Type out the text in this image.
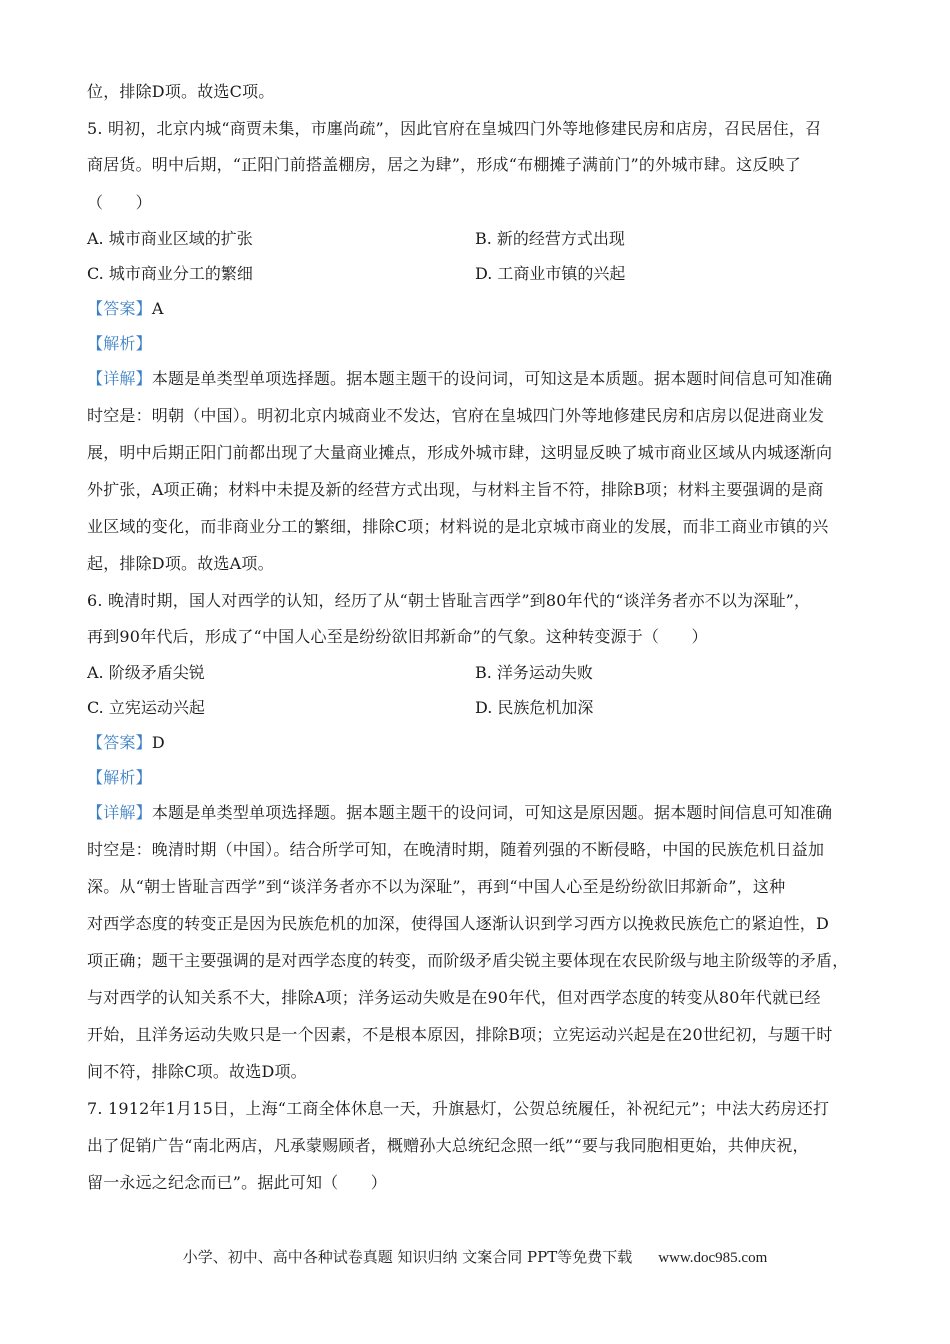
位，排除D项。故选C项。
5. 明初，北京内城“商贾未集，市廛尚疏”，因此官府在皇城四门外等地修建民房和店房，召民居住，召
商居货。明中后期，“正阳门前搭盖棚房，居之为肆”，形成“布棚摊子满前门”的外城市肆。这反映了
（　　）
A. 城市商业区域的扩张	B. 新的经营方式出现
C. 城市商业分工的繁细	D. 工商业市镇的兴起
【答案】A
【解析】
【详解】本题是单类型单项选择题。据本题主题干的设问词，可知这是本质题。据本题时间信息可知准确
时空是：明朝（中国）。明初北京内城商业不发达，官府在皇城四门外等地修建民房和店房以促进商业发
展，明中后期正阳门前都出现了大量商业摊点，形成外城市肆，这明显反映了城市商业区域从内城逐渐向
外扩张，A项正确；材料中未提及新的经营方式出现，与材料主旨不符，排除B项；材料主要强调的是商
业区域的变化，而非商业分工的繁细，排除C项；材料说的是北京城市商业的发展，而非工商业市镇的兴
起，排除D项。故选A项。
6. 晚清时期，国人对西学的认知，经历了从“朝士皆耻言西学”到80年代的“谈洋务者亦不以为深耻”，
再到90年代后，形成了“中国人心至是纷纷欲旧邦新命”的气象。这种转变源于（　　）
A. 阶级矛盾尖锐	B. 洋务运动失败
C. 立宪运动兴起	D. 民族危机加深
【答案】D
【解析】
【详解】本题是单类型单项选择题。据本题主题干的设问词，可知这是原因题。据本题时间信息可知准确
时空是：晚清时期（中国）。结合所学可知，在晚清时期，随着列强的不断侵略，中国的民族危机日益加
深。从“朝士皆耻言西学”到“谈洋务者亦不以为深耻”，再到“中国人心至是纷纷欲旧邦新命”，这种
对西学态度的转变正是因为民族危机的加深，使得国人逐渐认识到学习西方以挽救民族危亡的紧迫性，D
项正确；题干主要强调的是对西学态度的转变，而阶级矛盾尖锐主要体现在农民阶级与地主阶级等的矛盾，
与对西学的认知关系不大，排除A项；洋务运动失败是在90年代，但对西学态度的转变从80年代就已经
开始，且洋务运动失败只是一个因素，不是根本原因，排除B项；立宪运动兴起是在20世纪初，与题干时
间不符，排除C项。故选D项。
7. 1912年1月15日，上海“工商全体休息一天，升旗悬灯，公贺总统履任，补祝纪元”；中法大药房还打
出了促销广告“南北两店，凡承蒙赐顾者，概赠孙大总统纪念照一纸”“要与我同胞相更始，共伸庆祝，
留一永远之纪念而已”。据此可知（　　）
小学、初中、高中各种试卷真题 知识归纳 文案合同 PPT等免费下载 www.doc985.com
